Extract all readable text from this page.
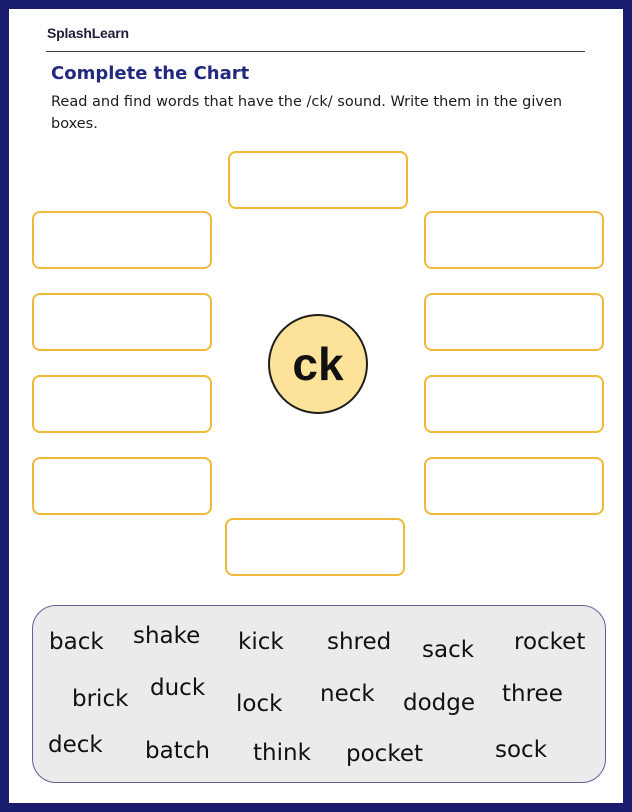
SplashLearn
Complete the Chart
Read and find words that have the /ck/ sound. Write them in the given boxes.
ck
back shake kick shred sack rocket
brick duck
lock neck dodge three
deck batch think pocket	sock
